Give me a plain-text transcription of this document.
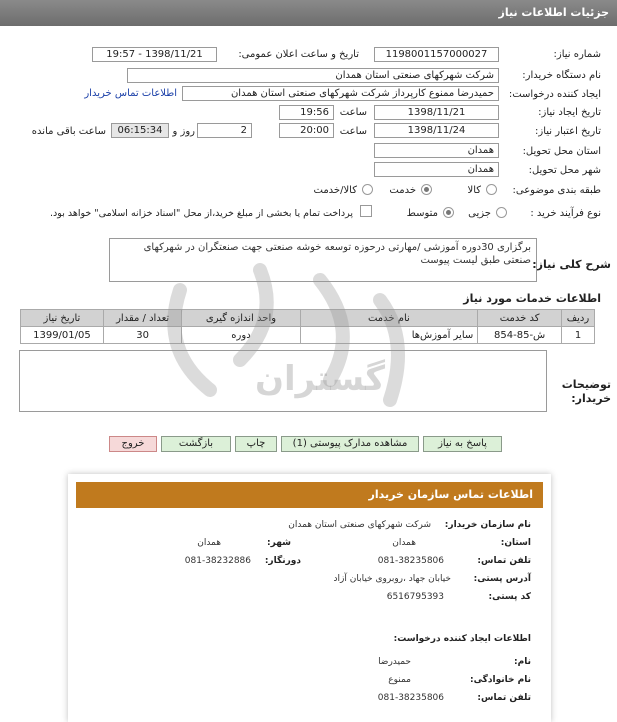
جزئیات اطلاعات نیاز
شماره نیاز:
1198001157000027
تاریخ و ساعت اعلان عمومی:
1398/11/21 - 19:57
نام دستگاه خریدار:
شرکت شهرکهای صنعتی استان همدان
ایجاد کننده درخواست:
حمیدرضا ممنوع کارپرداز شرکت شهرکهای صنعتی استان همدان
اطلاعات تماس خریدار
تاریخ ایجاد نیاز:
1398/11/21
ساعت
19:56
تاریخ اعتبار نیاز:
1398/11/24
ساعت
20:00
2
روز و
06:15:34
ساعت باقی مانده
استان محل تحویل:
همدان
شهر محل تحویل:
همدان
طبقه بندی موضوعی:
کالا
خدمت
کالا/خدمت
نوع فرآیند خرید :
جزیی
متوسط
پرداخت تمام یا بخشی از مبلغ خرید،از محل "اسناد خزانه اسلامی" خواهد بود.
شرح کلی نیاز:
برگزاری 30دوره آموزشی /مهارتی درحوزه توسعه خوشه صنعتی جهت صنعتگران در شهرکهای صنعتی طبق لیست پیوست
اطلاعات خدمات مورد نیاز
ردیف	کد خدمت	نام خدمت	واحد اندازه گیری	تعداد / مقدار	تاریخ نیاز
1	ش-85-854	سایر آموزش‌ها	دوره	30	1399/01/05
توضیحات خریدار:
پاسخ به نیاز
مشاهده مدارک پیوستی (1)
چاپ
بازگشت
خروج
گستران
اطلاعات تماس سازمان خریدار
نام سازمان خریدار:
شرکت شهرکهای صنعتی استان همدان
استان:
همدان
شهر:
همدان
تلفن تماس:
081-38235806
دورنگار:
081-38232886
آدرس پستی:
خیابان جهاد ،روبروی خیابان آزاد
کد پستی:
6516795393
اطلاعات ایجاد کننده درخواست:
نام:
حمیدرضا
نام خانوادگی:
ممنوع
تلفن تماس:
081-38235806
